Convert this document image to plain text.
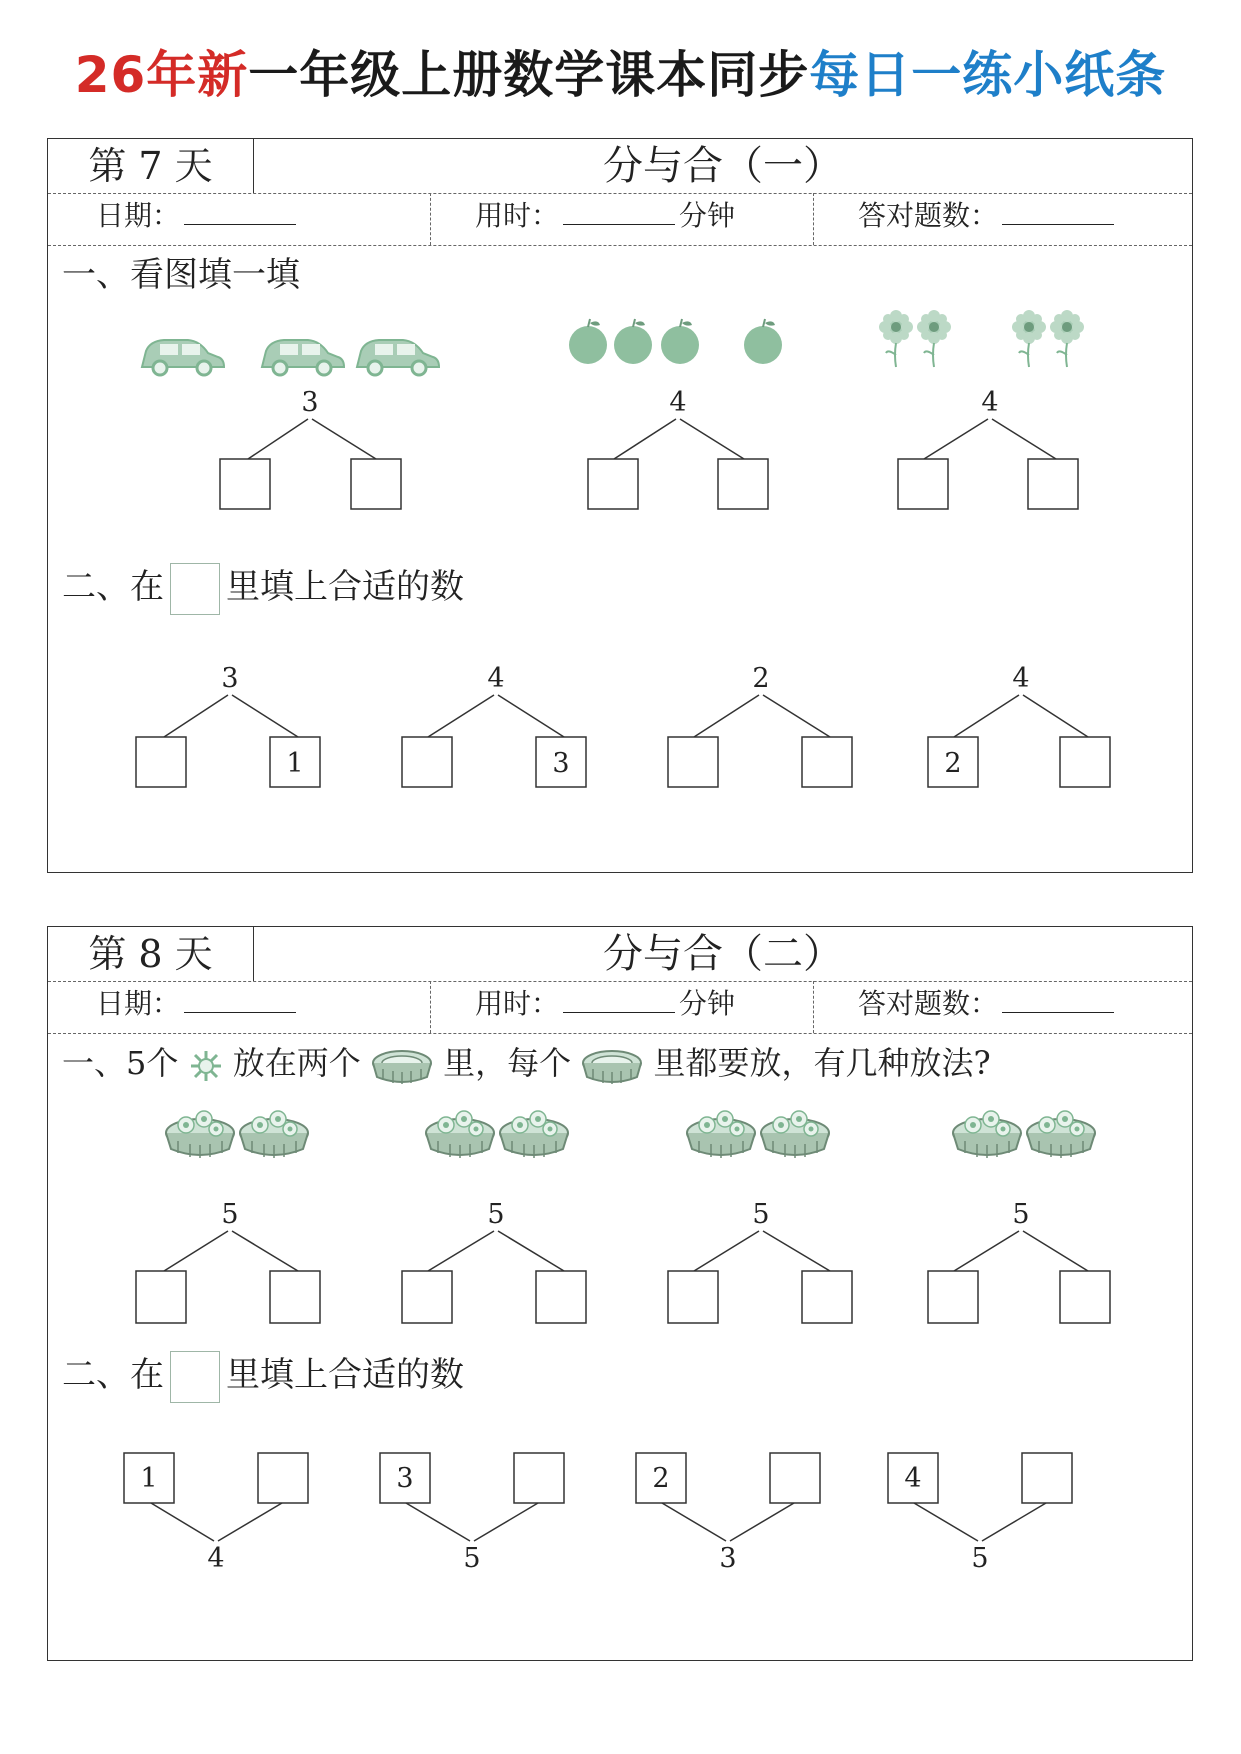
26年新一年级上册数学课本同步每日一练小纸条
第 7 天	分与合（一）
日期：	用时：	分钟	答对题数：
一、看图填一填
3	4	4
二、在 里填上合适的数
3
1
4
3
2	4
2
第 8 天	分与合（二）
日期：	用时：	分钟	答对题数：
一、5个 放在两个	里，每个	里都要放，有几种放法?
5	5	5	5
二、在 里填上合适的数
1
4
3
5
2
3
4
5
